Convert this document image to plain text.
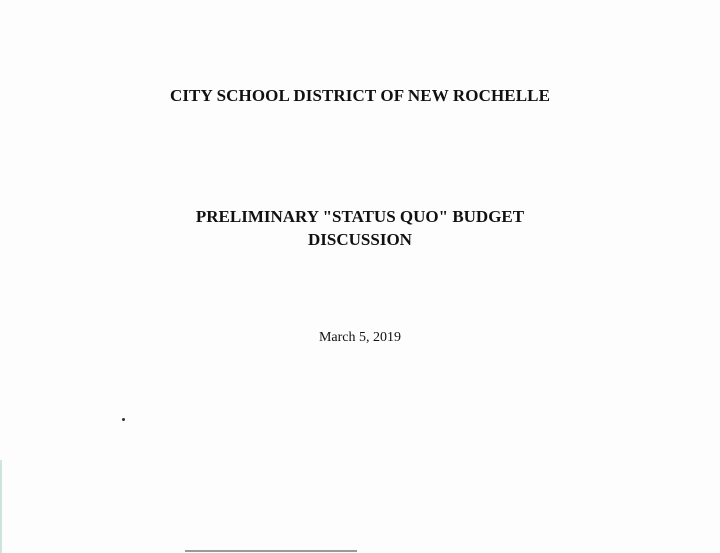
CITY SCHOOL DISTRICT OF NEW ROCHELLE
PRELIMINARY "STATUS QUO" BUDGET
DISCUSSION

March 5, 2019
